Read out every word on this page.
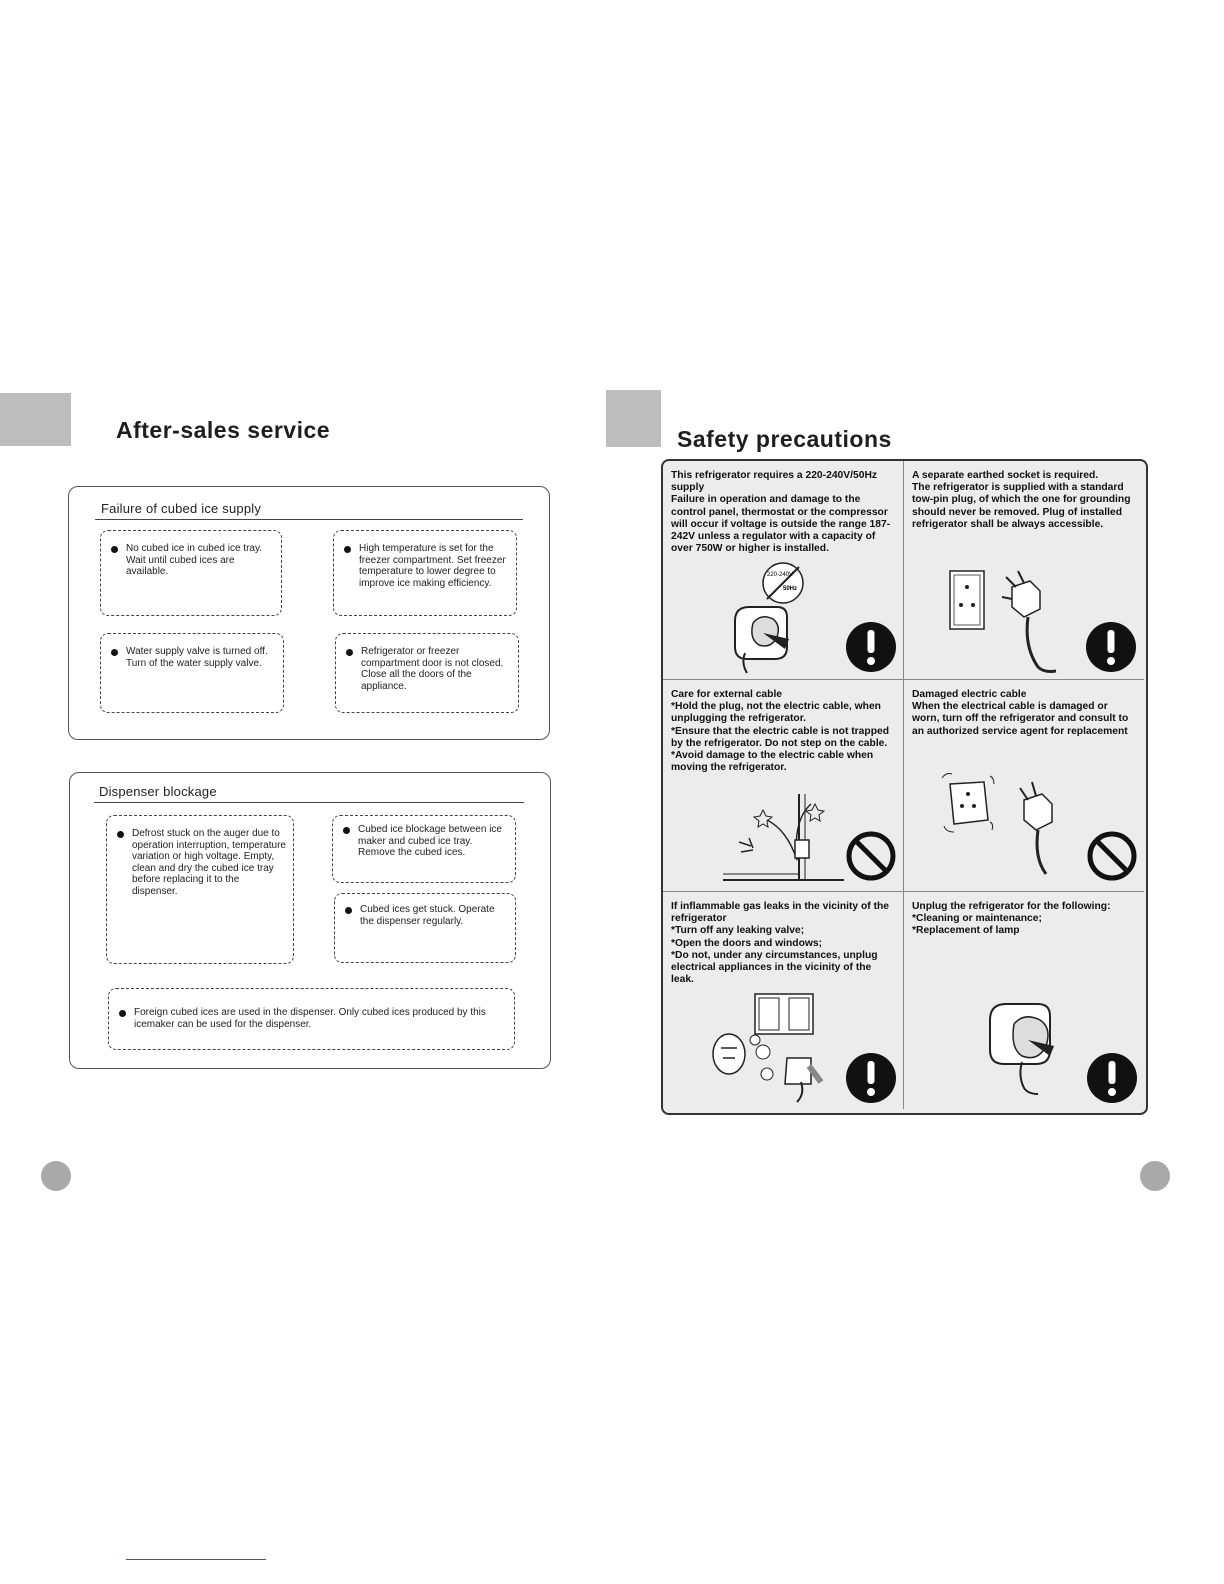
After-sales service
Failure of cubed ice supply
No cubed ice in cubed ice tray. Wait until cubed ices are available.
High temperature is set for the freezer compartment. Set freezer temperature to lower degree to improve ice making efficiency.
Water supply valve is turned off. Turn of the water supply valve.
Refrigerator or freezer compartment door is not closed. Close all the doors of the appliance.
Dispenser blockage
Defrost stuck on the auger due to operation interruption, temperature variation or high voltage. Empty, clean and dry the cubed ice tray before replacing it to the dispenser.
Cubed ice blockage between ice maker and cubed ice tray. Remove the cubed ices.
Cubed ices get stuck. Operate the dispenser regularly.
Foreign cubed ices are used in the dispenser. Only cubed ices produced by this icemaker can be used for the dispenser.
Safety precautions
This refrigerator requires a 220-240V/50Hz supply
Failure in operation and damage to the control panel, thermostat or the compressor will occur if voltage is outside the range 187-242V unless a regulator with a capacity of over 750W or higher is installed.
220-240V
50Hz
A separate earthed socket is required.
The refrigerator is supplied with a standard tow-pin plug, of which the one for grounding should never be removed. Plug of installed refrigerator shall be always accessible.
Care for external cable
*Hold the plug, not the electric cable, when unplugging the refrigerator.
*Ensure that the electric cable is not trapped by the refrigerator. Do not step on the cable.
*Avoid damage to the electric cable when moving the refrigerator.
Damaged electric cable
When the electrical cable is damaged or worn, turn off the refrigerator and consult to an authorized service agent for replacement
If inflammable gas leaks in the vicinity of the refrigerator
*Turn off any leaking valve;
*Open the doors and windows;
*Do not, under any circumstances, unplug electrical appliances in the vicinity of the leak.
Unplug the refrigerator for the following:
*Cleaning or maintenance;
*Replacement of lamp
